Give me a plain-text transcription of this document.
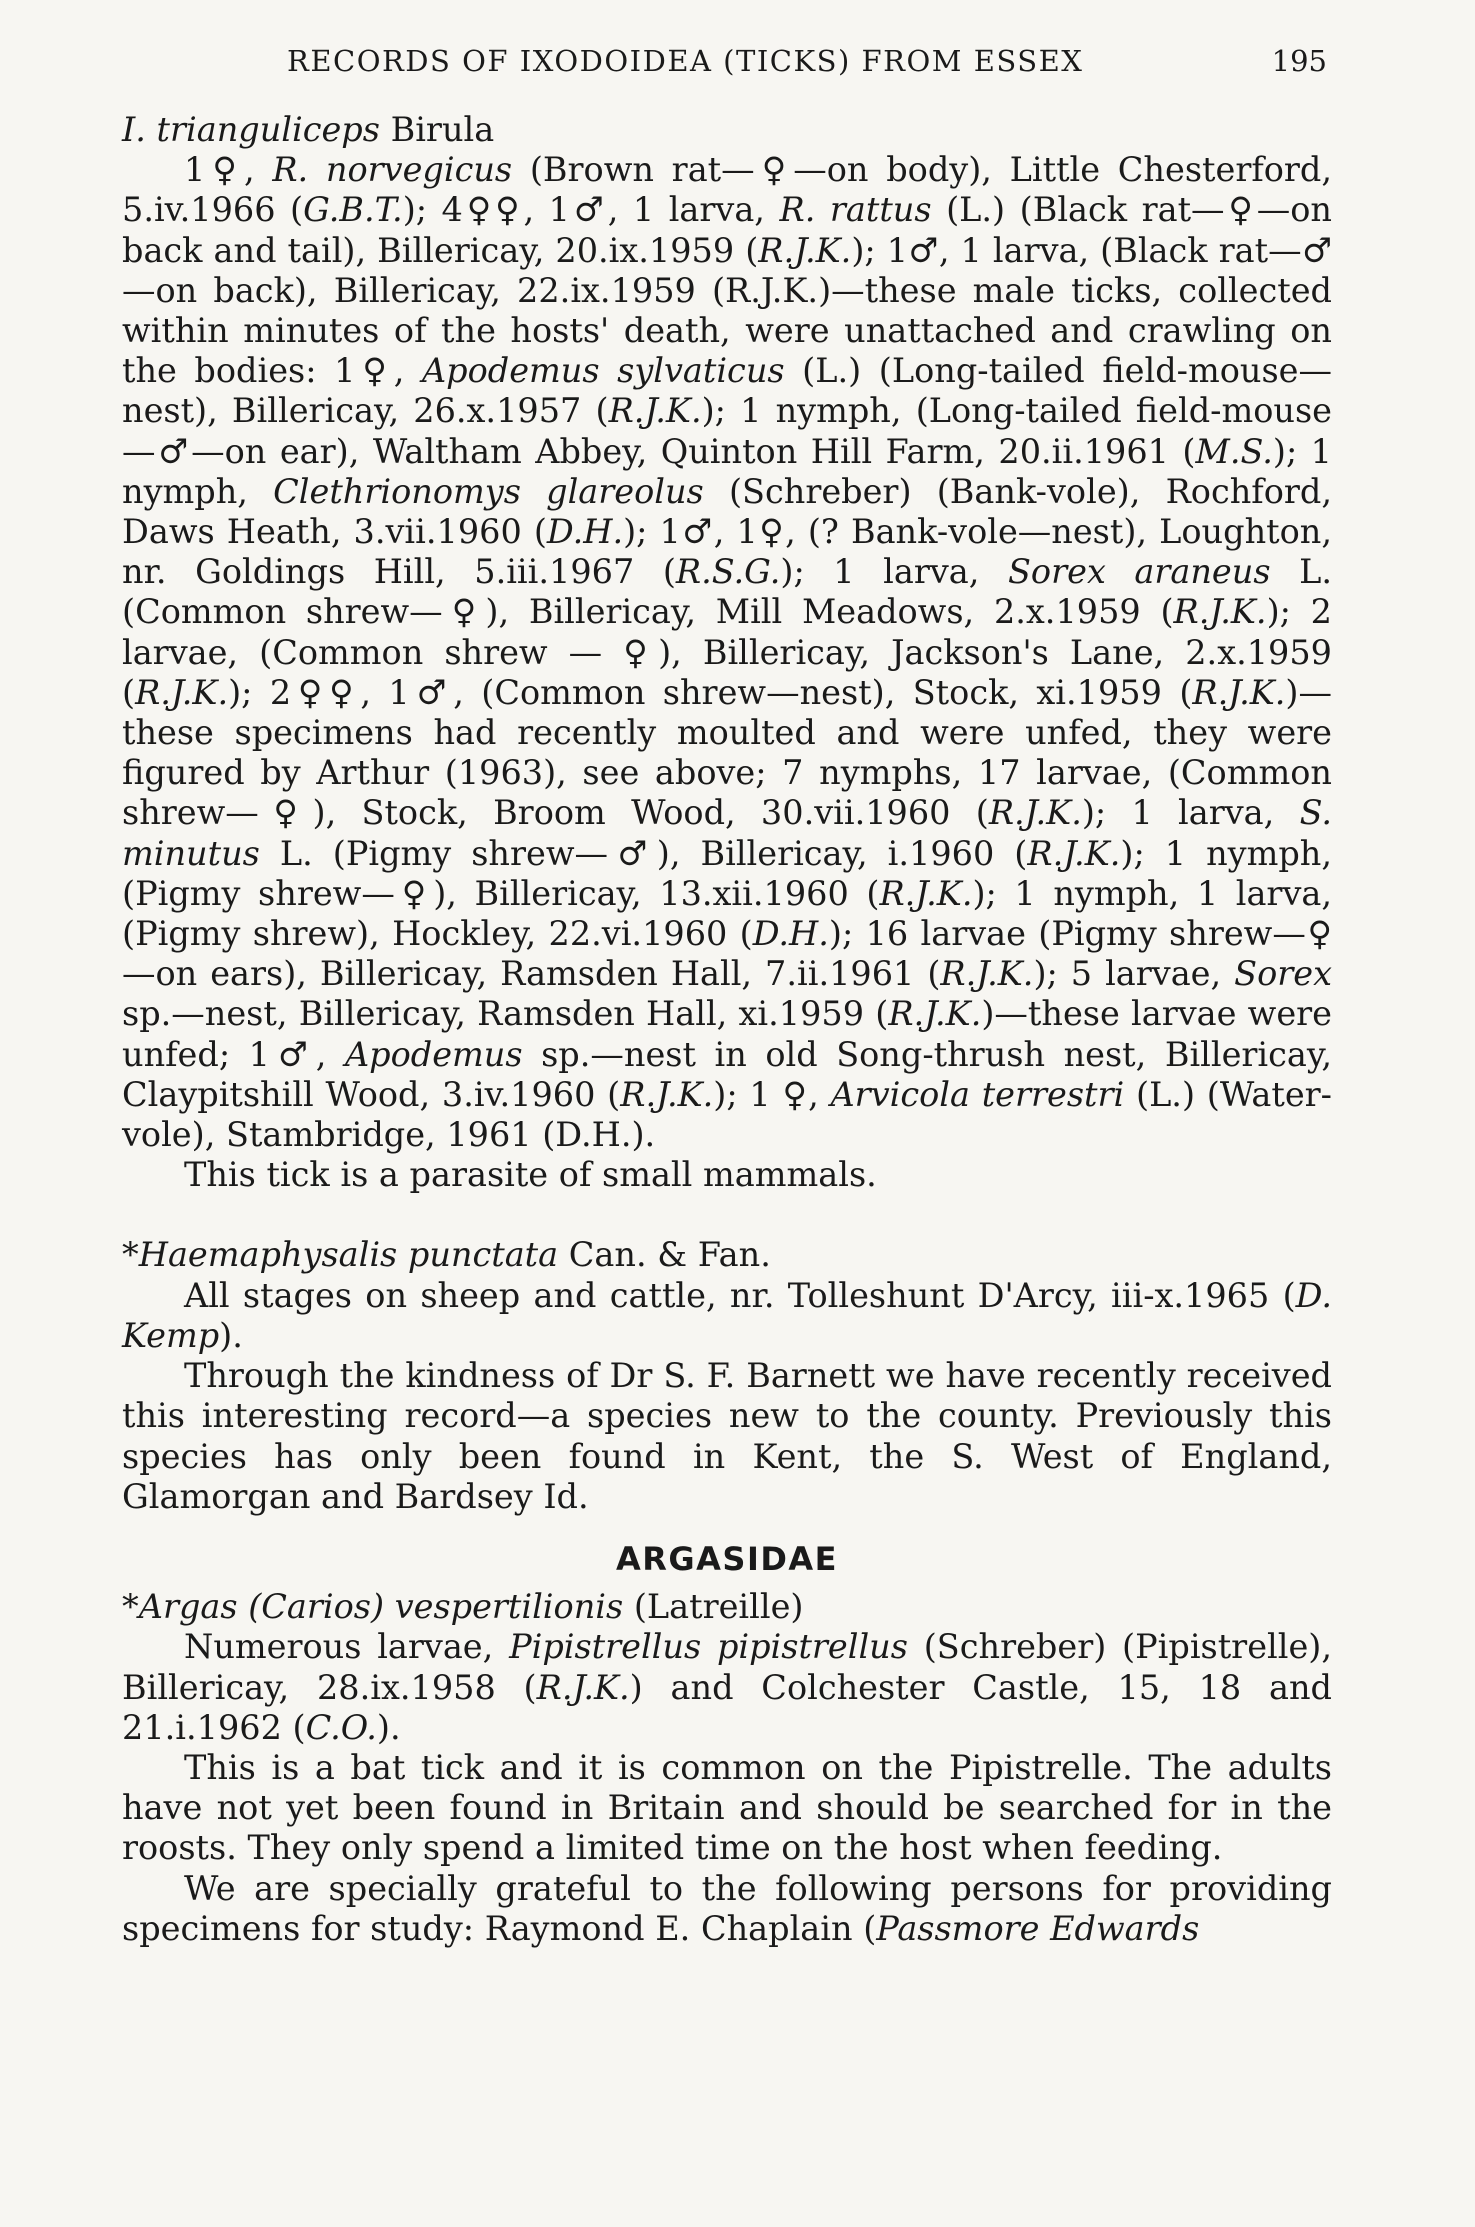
RECORDS OF IXODOIDEA (TICKS) FROM ESSEX	195

I. trianguliceps Birula

1♀, R. norvegicus (Brown rat—♀—on body), Little Chesterford, 5.iv.1966 (G.B.T.); 4♀♀, 1♂, 1 larva, R. rattus (L.) (Black rat—♀—on back and tail), Billericay, 20.ix.1959 (R.J.K.); 1♂, 1 larva, (Black rat—♂—on back), Billericay, 22.ix.1959 (R.J.K.)—these male ticks, collected within minutes of the hosts' death, were unattached and crawling on the bodies: 1♀, Apodemus sylvaticus (L.) (Long-tailed field-mouse—nest), Billericay, 26.x.1957 (R.J.K.); 1 nymph, (Long-tailed field-mouse—♂—on ear), Waltham Abbey, Quinton Hill Farm, 20.ii.1961 (M.S.); 1 nymph, Clethrionomys glareolus (Schreber) (Bank-vole), Rochford, Daws Heath, 3.vii.1960 (D.H.); 1♂, 1♀, (? Bank-vole—nest), Loughton, nr. Goldings Hill, 5.iii.1967 (R.S.G.); 1 larva, Sorex araneus L. (Common shrew—♀), Billericay, Mill Meadows, 2.x.1959 (R.J.K.); 2 larvae, (Common shrew — ♀), Billericay, Jackson's Lane, 2.x.1959 (R.J.K.); 2♀♀, 1♂, (Common shrew—nest), Stock, xi.1959 (R.J.K.)—these specimens had recently moulted and were unfed, they were figured by Arthur (1963), see above; 7 nymphs, 17 larvae, (Common shrew—♀), Stock, Broom Wood, 30.vii.1960 (R.J.K.); 1 larva, S. minutus L. (Pigmy shrew—♂), Billericay, i.1960 (R.J.K.); 1 nymph, (Pigmy shrew—♀), Billericay, 13.xii.1960 (R.J.K.); 1 nymph, 1 larva, (Pigmy shrew), Hockley, 22.vi.1960 (D.H.); 16 larvae (Pigmy shrew—♀—on ears), Billericay, Ramsden Hall, 7.ii.1961 (R.J.K.); 5 larvae, Sorex sp.—nest, Billericay, Ramsden Hall, xi.1959 (R.J.K.)—these larvae were unfed; 1♂, Apodemus sp.—nest in old Song-thrush nest, Billericay, Claypitshill Wood, 3.iv.1960 (R.J.K.); 1 ♀, Arvicola terrestri (L.) (Water-vole), Stambridge, 1961 (D.H.).

This tick is a parasite of small mammals.

*Haemaphysalis punctata Can. & Fan.

All stages on sheep and cattle, nr. Tolleshunt D'Arcy, iii-x.1965 (D. Kemp).

Through the kindness of Dr S. F. Barnett we have recently received this interesting record—a species new to the county. Previously this species has only been found in Kent, the S. West of England, Glamorgan and Bardsey Id.

ARGASIDAE

*Argas (Carios) vespertilionis (Latreille)

Numerous larvae, Pipistrellus pipistrellus (Schreber) (Pipistrelle), Billericay, 28.ix.1958 (R.J.K.) and Colchester Castle, 15, 18 and 21.i.1962 (C.O.).

This is a bat tick and it is common on the Pipistrelle. The adults have not yet been found in Britain and should be searched for in the roosts. They only spend a limited time on the host when feeding.

We are specially grateful to the following persons for providing specimens for study: Raymond E. Chaplain (Passmore Edwards
